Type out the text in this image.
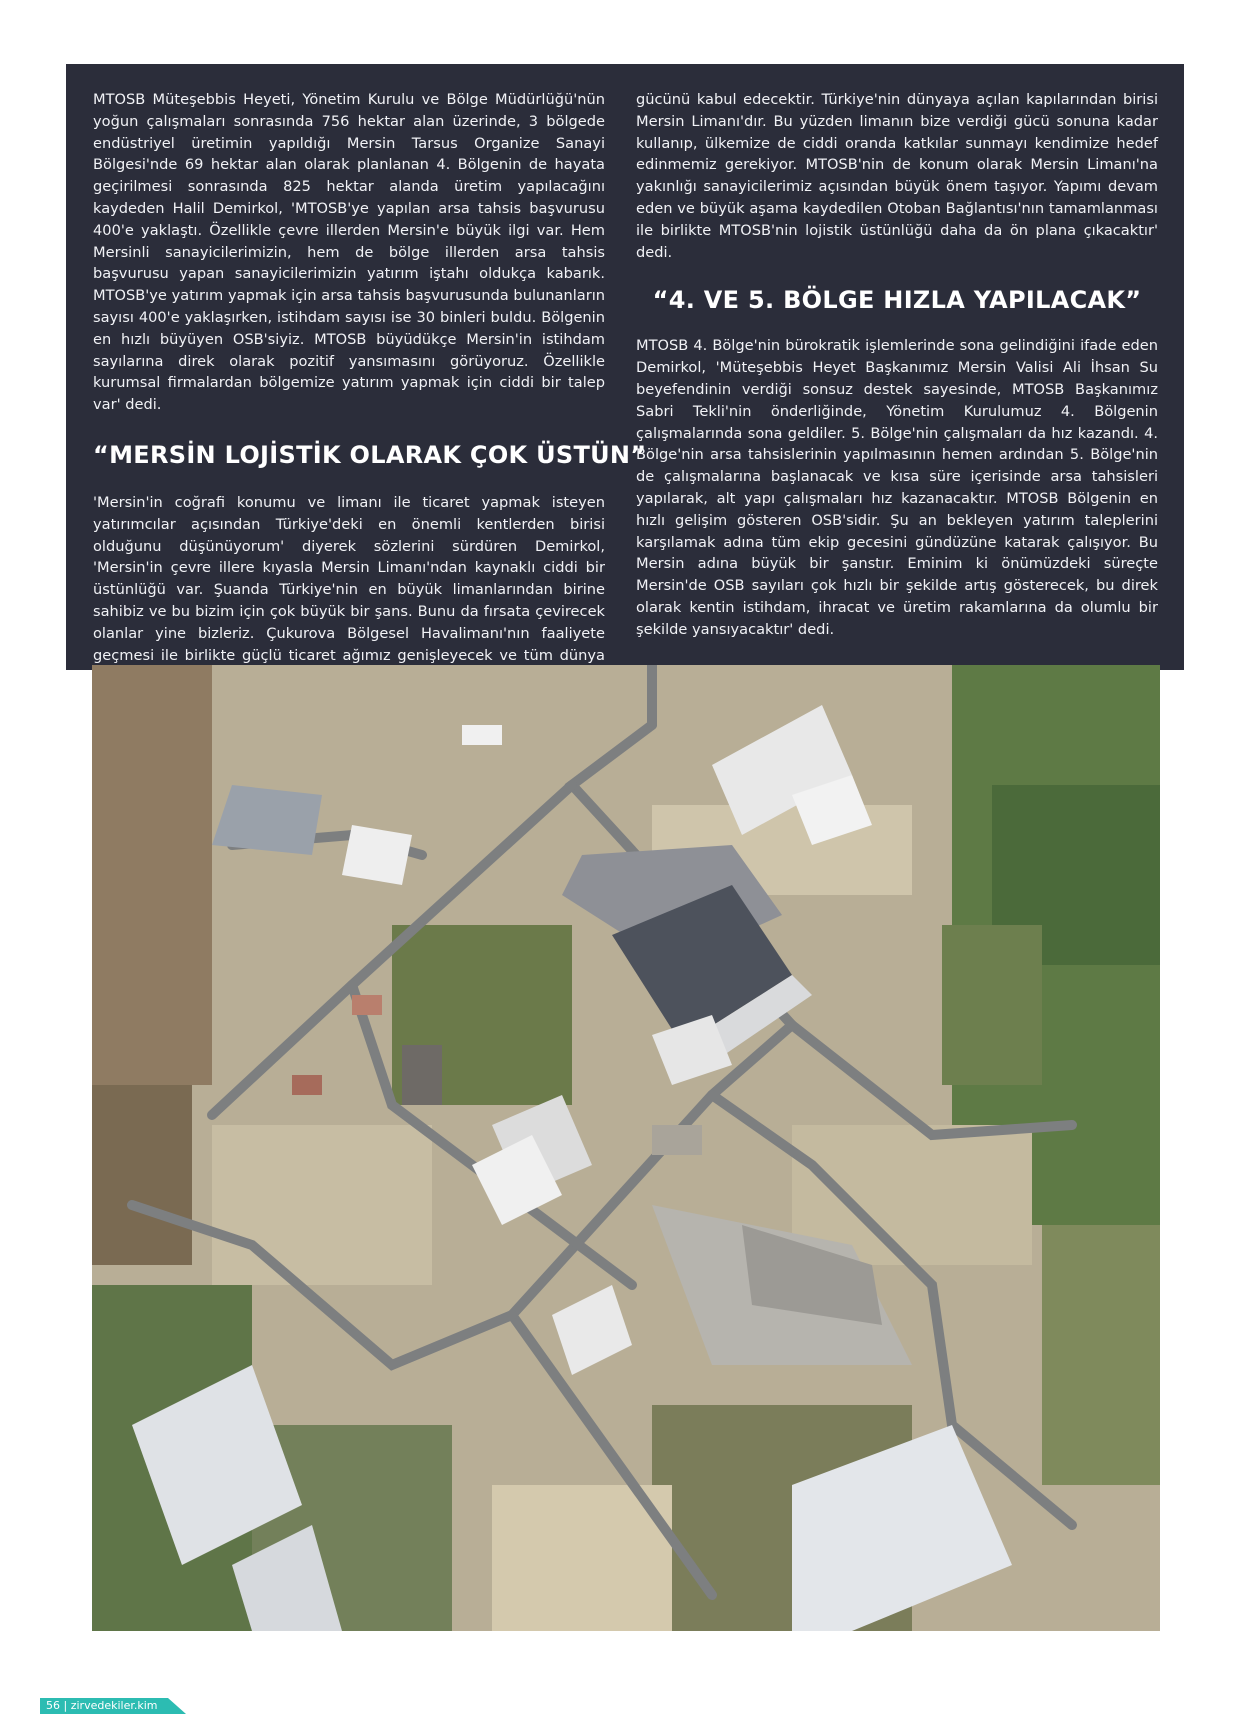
MTOSB Müteşebbis Heyeti, Yönetim Kurulu ve Bölge Müdürlüğü'nün yoğun çalışmaları sonrasında 756 hektar alan üzerinde, 3 bölgede endüstriyel üretimin yapıldığı Mersin Tarsus Organize Sanayi Bölgesi'nde 69 hektar alan olarak planlanan 4. Bölgenin de hayata geçirilmesi sonrasında 825 hektar alanda üretim yapılacağını kaydeden Halil Demirkol, 'MTOSB'ye yapılan arsa tahsis başvurusu 400'e yaklaştı. Özellikle çevre illerden Mersin'e büyük ilgi var. Hem Mersinli sanayicilerimizin, hem de bölge illerden arsa tahsis başvurusu yapan sanayicilerimizin yatırım iştahı oldukça kabarık. MTOSB'ye yatırım yapmak için arsa tahsis başvurusunda bulunanların sayısı 400'e yaklaşırken, istihdam sayısı ise 30 binleri buldu. Bölgenin en hızlı büyüyen OSB'siyiz. MTOSB büyüdükçe Mersin'in istihdam sayılarına direk olarak pozitif yansımasını görüyoruz. Özellikle kurumsal firmalardan bölgemize yatırım yapmak için ciddi bir talep var' dedi.

“MERSİN LOJİSTİK OLARAK ÇOK ÜSTÜN”

'Mersin'in coğrafi konumu ve limanı ile ticaret yapmak isteyen yatırımcılar açısından Türkiye'deki en önemli kentlerden birisi olduğunu düşünüyorum' diyerek sözlerini sürdüren Demirkol, 'Mersin'in çevre illere kıyasla Mersin Limanı'ndan kaynaklı ciddi bir üstünlüğü var. Şuanda Türkiye'nin en büyük limanlarından birine sahibiz ve bu bizim için çok büyük bir şans. Bunu da fırsata çevirecek olanlar yine bizleriz. Çukurova Bölgesel Havalimanı'nın faaliyete geçmesi ile birlikte güçlü ticaret ağımız genişleyecek ve tüm dünya

gücünü kabul edecektir. Türkiye'nin dünyaya açılan kapılarından birisi Mersin Limanı'dır. Bu yüzden limanın bize verdiği gücü sonuna kadar kullanıp, ülkemize de ciddi oranda katkılar sunmayı kendimize hedef edinmemiz gerekiyor. MTOSB'nin de konum olarak Mersin Limanı'na yakınlığı sanayicilerimiz açısından büyük önem taşıyor. Yapımı devam eden ve büyük aşama kaydedilen Otoban Bağlantısı'nın tamamlanması ile birlikte MTOSB'nin lojistik üstünlüğü daha da ön plana çıkacaktır' dedi.

“4. VE 5. BÖLGE HIZLA YAPILACAK”

MTOSB 4. Bölge'nin bürokratik işlemlerinde sona gelindiğini ifade eden Demirkol, 'Müteşebbis Heyet Başkanımız Mersin Valisi Ali İhsan Su beyefendinin verdiği sonsuz destek sayesinde, MTOSB Başkanımız Sabri Tekli'nin önderliğinde, Yönetim Kurulumuz 4. Bölgenin çalışmalarında sona geldiler. 5. Bölge'nin çalışmaları da hız kazandı. 4. Bölge'nin arsa tahsislerinin yapılmasının hemen ardından 5. Bölge'nin de çalışmalarına başlanacak ve kısa süre içerisinde arsa tahsisleri yapılarak, alt yapı çalışmaları hız kazanacaktır. MTOSB Bölgenin en hızlı gelişim gösteren OSB'sidir. Şu an bekleyen yatırım taleplerini karşılamak adına tüm ekip gecesini gündüzüne katarak çalışıyor. Bu Mersin adına büyük bir şanstır. Eminim ki önümüzdeki süreçte Mersin'de OSB sayıları çok hızlı bir şekilde artış gösterecek, bu direk olarak kentin istihdam, ihracat ve üretim rakamlarına da olumlu bir şekilde yansıyacaktır' dedi.

56 | zirvedekiler.kim
